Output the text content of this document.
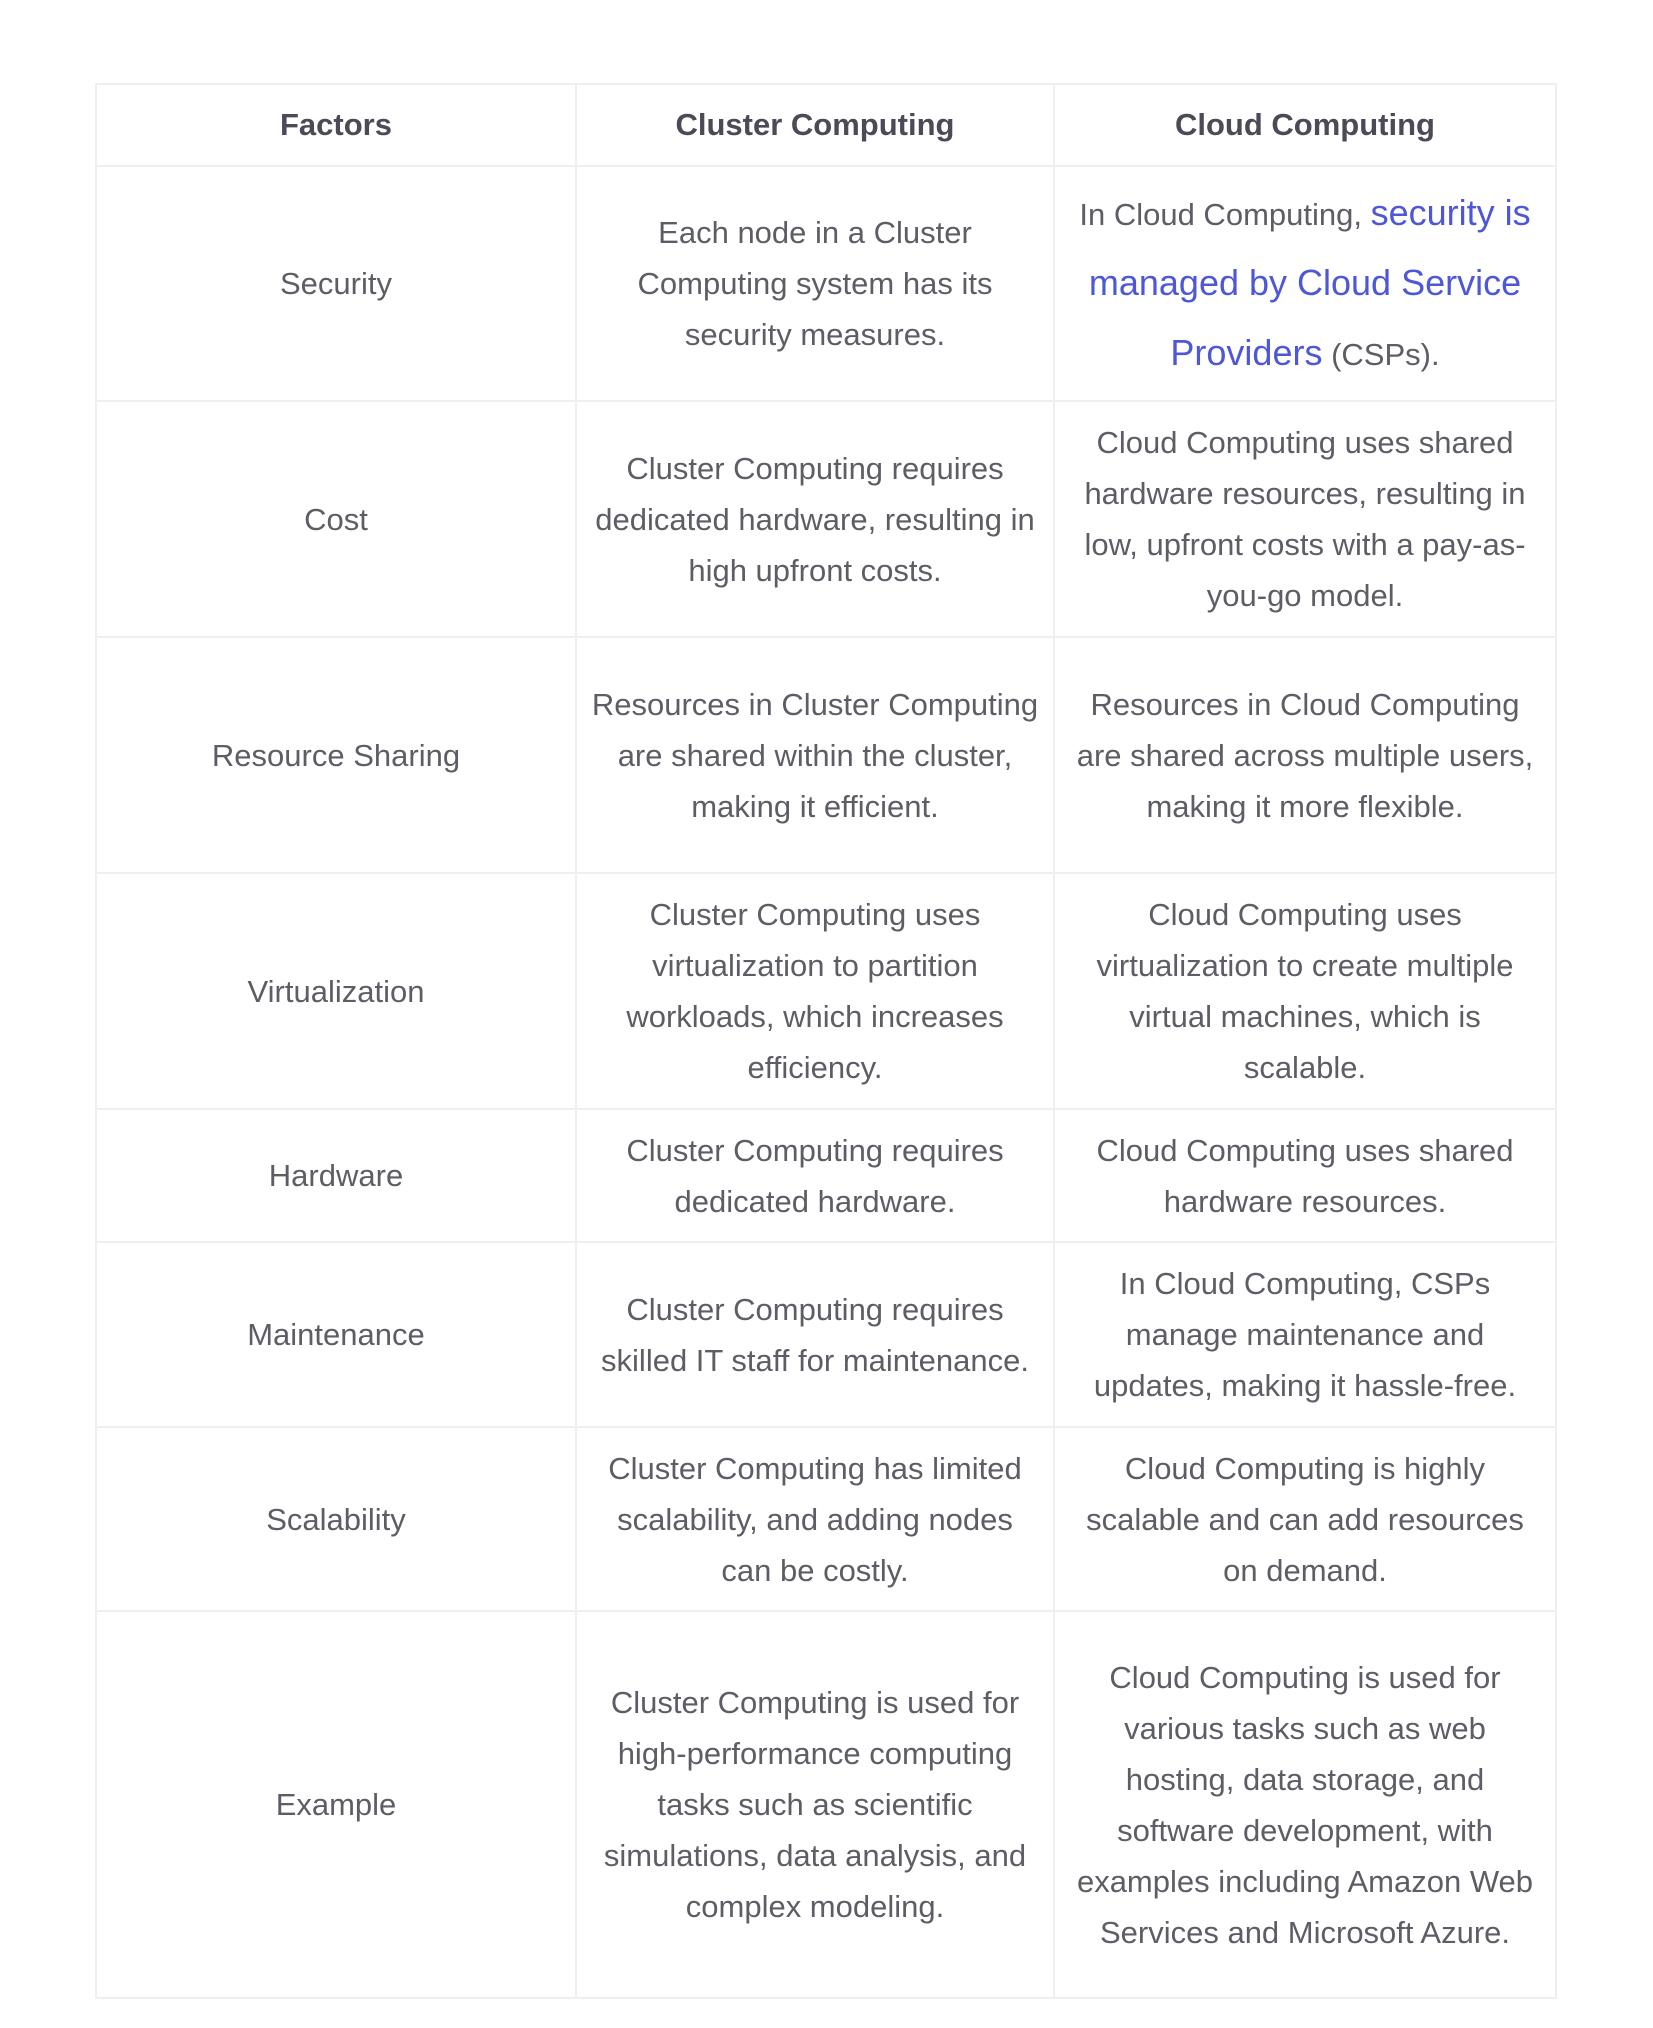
Factors	Cluster Computing	Cloud Computing
Security	Each node in a Cluster Computing system has its security measures.	In Cloud Computing, security is managed by Cloud Service Providers (CSPs).
Cost	Cluster Computing requires dedicated hardware, resulting in high upfront costs.	Cloud Computing uses shared hardware resources, resulting in low, upfront costs with a pay-as-you-go model.
Resource Sharing	Resources in Cluster Computing are shared within the cluster, making it efficient.	Resources in Cloud Computing are shared across multiple users, making it more flexible.
Virtualization	Cluster Computing uses virtualization to partition workloads, which increases efficiency.	Cloud Computing uses virtualization to create multiple virtual machines, which is scalable.
Hardware	Cluster Computing requires dedicated hardware.	Cloud Computing uses shared hardware resources.
Maintenance	Cluster Computing requires skilled IT staff for maintenance.	In Cloud Computing, CSPs manage maintenance and updates, making it hassle-free.
Scalability	Cluster Computing has limited scalability, and adding nodes can be costly.	Cloud Computing is highly scalable and can add resources on demand.
Example	Cluster Computing is used for high-performance computing tasks such as scientific simulations, data analysis, and complex modeling.	Cloud Computing is used for various tasks such as web hosting, data storage, and software development, with examples including Amazon Web Services and Microsoft Azure.
